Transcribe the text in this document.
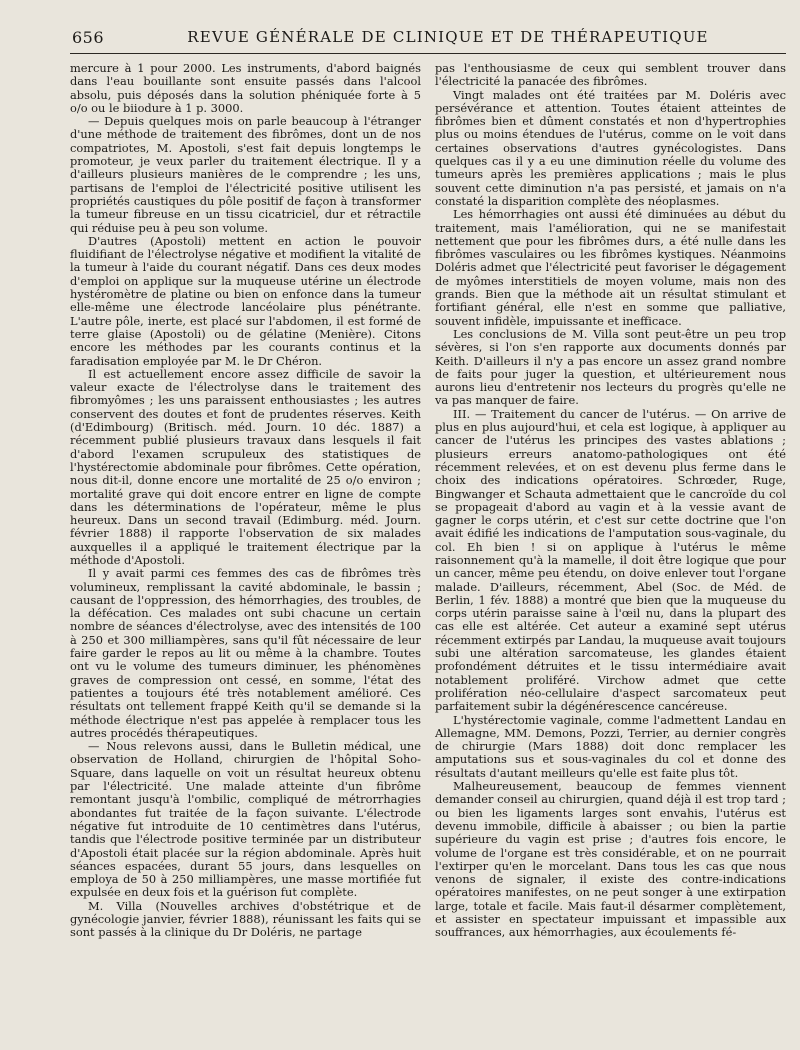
656	REVUE GÉNÉRALE DE CLINIQUE ET DE THÉRAPEUTIQUE

mercure à 1 pour 2000. Les instruments, d'abord baignés dans l'eau bouillante sont ensuite passés dans l'alcool absolu, puis déposés dans la solution phéniquée forte à 5 o/o ou le biiodure à 1 p. 3000.

— Depuis quelques mois on parle beaucoup à l'étranger d'une méthode de traitement des fibrômes, dont un de nos compatriotes, M. Apostoli, s'est fait depuis longtemps le promoteur, je veux parler du traitement électrique. Il y a d'ailleurs plusieurs manières de le comprendre ; les uns, partisans de l'emploi de l'électricité positive utilisent les propriétés caustiques du pôle positif de façon à transformer la tumeur fibreuse en un tissu cicatriciel, dur et rétractile qui réduise peu à peu son volume.

D'autres (Apostoli) mettent en action le pouvoir fluidifiant de l'électrolyse négative et modifient la vitalité de la tumeur à l'aide du courant négatif. Dans ces deux modes d'emploi on applique sur la muqueuse utérine un électrode hystéromètre de platine ou bien on enfonce dans la tumeur elle-même une électrode lancéolaire plus pénétrante. L'autre pôle, inerte, est placé sur l'abdomen, il est formé de terre glaise (Apostoli) ou de gélatine (Menière). Citons encore les méthodes par les courants continus et la faradisation employée par M. le Dr Chéron.

Il est actuellement encore assez difficile de savoir la valeur exacte de l'électrolyse dans le traitement des fibromyômes ; les uns paraissent enthousiastes ; les autres conservent des doutes et font de prudentes réserves. Keith (d'Edimbourg) (Britisch. méd. Journ. 10 déc. 1887) a récemment publié plusieurs travaux dans lesquels il fait d'abord l'examen scrupuleux des statistiques de l'hystérectomie abdominale pour fibrômes. Cette opération, nous dit-il, donne encore une mortalité de 25 o/o environ ; mortalité grave qui doit encore entrer en ligne de compte dans les déterminations de l'opérateur, même le plus heureux. Dans un second travail (Edimburg. méd. Journ. février 1888) il rapporte l'observation de six malades auxquelles il a appliqué le traitement électrique par la méthode d'Apostoli.

Il y avait parmi ces femmes des cas de fibrômes très volumineux, remplissant la cavité abdominale, le bassin ; causant de l'oppression, des hémorrhagies, des troubles, de la défécation. Ces malades ont subi chacune un certain nombre de séances d'électrolyse, avec des intensités de 100 à 250 et 300 milliampères, sans qu'il fût nécessaire de leur faire garder le repos au lit ou même à la chambre. Toutes ont vu le volume des tumeurs diminuer, les phénomènes graves de compression ont cessé, en somme, l'état des patientes a toujours été très notablement amélioré. Ces résultats ont tellement frappé Keith qu'il se demande si la méthode électrique n'est pas appelée à remplacer tous les autres procédés thérapeutiques.

— Nous relevons aussi, dans le Bulletin médical, une observation de Holland, chirurgien de l'hôpital Soho-Square, dans laquelle on voit un résultat heureux obtenu par l'électricité. Une malade atteinte d'un fibrôme remontant jusqu'à l'ombilic, compliqué de métrorrhagies abondantes fut traitée de la façon suivante. L'électrode négative fut introduite de 10 centimètres dans l'utérus, tandis que l'électrode positive terminée par un distributeur d'Apostoli était placée sur la région abdominale. Après huit séances espacées, durant 55 jours, dans lesquelles on employa de 50 à 250 milliampères, une masse mortifiée fut expulsée en deux fois et la guérison fut complète.

M. Villa (Nouvelles archives d'obstétrique et de gynécologie janvier, février 1888), réunissant les faits qui se sont passés à la clinique du Dr Doléris, ne partage

pas l'enthousiasme de ceux qui semblent trouver dans l'électricité la panacée des fibrômes.

Vingt malades ont été traitées par M. Doléris avec persévérance et attention. Toutes étaient atteintes de fibrômes bien et dûment constatés et non d'hypertrophies plus ou moins étendues de l'utérus, comme on le voit dans certaines observations d'autres gynécologistes. Dans quelques cas il y a eu une diminution réelle du volume des tumeurs après les premières applications ; mais le plus souvent cette diminution n'a pas persisté, et jamais on n'a constaté la disparition complète des néoplasmes.

Les hémorrhagies ont aussi été diminuées au début du traitement, mais l'amélioration, qui ne se manifestait nettement que pour les fibrômes durs, a été nulle dans les fibrômes vasculaires ou les fibrômes kystiques. Néanmoins Doléris admet que l'électricité peut favoriser le dégagement de myômes interstitiels de moyen volume, mais non des grands. Bien que la méthode ait un résultat stimulant et fortifiant général, elle n'est en somme que palliative, souvent infidèle, impuissante et inefficace.

Les conclusions de M. Villa sont peut-être un peu trop sévères, si l'on s'en rapporte aux documents donnés par Keith. D'ailleurs il n'y a pas encore un assez grand nombre de faits pour juger la question, et ultérieurement nous aurons lieu d'entretenir nos lecteurs du progrès qu'elle ne va pas manquer de faire.

III. — Traitement du cancer de l'utérus. — On arrive de plus en plus aujourd'hui, et cela est logique, à appliquer au cancer de l'utérus les principes des vastes ablations ; plusieurs erreurs anatomo-pathologiques ont été récemment relevées, et on est devenu plus ferme dans le choix des indications opératoires. Schrœder, Ruge, Bingwanger et Schauta admettaient que le cancroïde du col se propageait d'abord au vagin et à la vessie avant de gagner le corps utérin, et c'est sur cette doctrine que l'on avait édifié les indications de l'amputation sous-vaginale, du col. Eh bien ! si on applique à l'utérus le même raisonnement qu'à la mamelle, il doit être logique que pour un cancer, même peu étendu, on doive enlever tout l'organe malade. D'ailleurs, récemment, Abel (Soc. de Méd. de Berlin, 1 fév. 1888) a montré que bien que la muqueuse du corps utérin paraisse saine à l'œil nu, dans la plupart des cas elle est altérée. Cet auteur a examiné sept utérus récemment extirpés par Landau, la muqueuse avait toujours subi une altération sarcomateuse, les glandes étaient profondément détruites et le tissu intermédiaire avait notablement proliféré. Virchow admet que cette prolifération néo-cellulaire d'aspect sarcomateux peut parfaitement subir la dégénérescence cancéreuse.

L'hystérectomie vaginale, comme l'admettent Landau en Allemagne, MM. Demons, Pozzi, Terrier, au dernier congrès de chirurgie (Mars 1888) doit donc remplacer les amputations sus et sous-vaginales du col et donne des résultats d'autant meilleurs qu'elle est faite plus tôt.

Malheureusement, beaucoup de femmes viennent demander conseil au chirurgien, quand déjà il est trop tard ; ou bien les ligaments larges sont envahis, l'utérus est devenu immobile, difficile à abaisser ; ou bien la partie supérieure du vagin est prise ; d'autres fois encore, le volume de l'organe est très considérable, et on ne pourrait l'extirper qu'en le morcelant. Dans tous les cas que nous venons de signaler, il existe des contre-indications opératoires manifestes, on ne peut songer à une extirpation large, totale et facile. Mais faut-il désarmer complètement, et assister en spectateur impuissant et impassible aux souffrances, aux hémorrhagies, aux écoulements fé-
